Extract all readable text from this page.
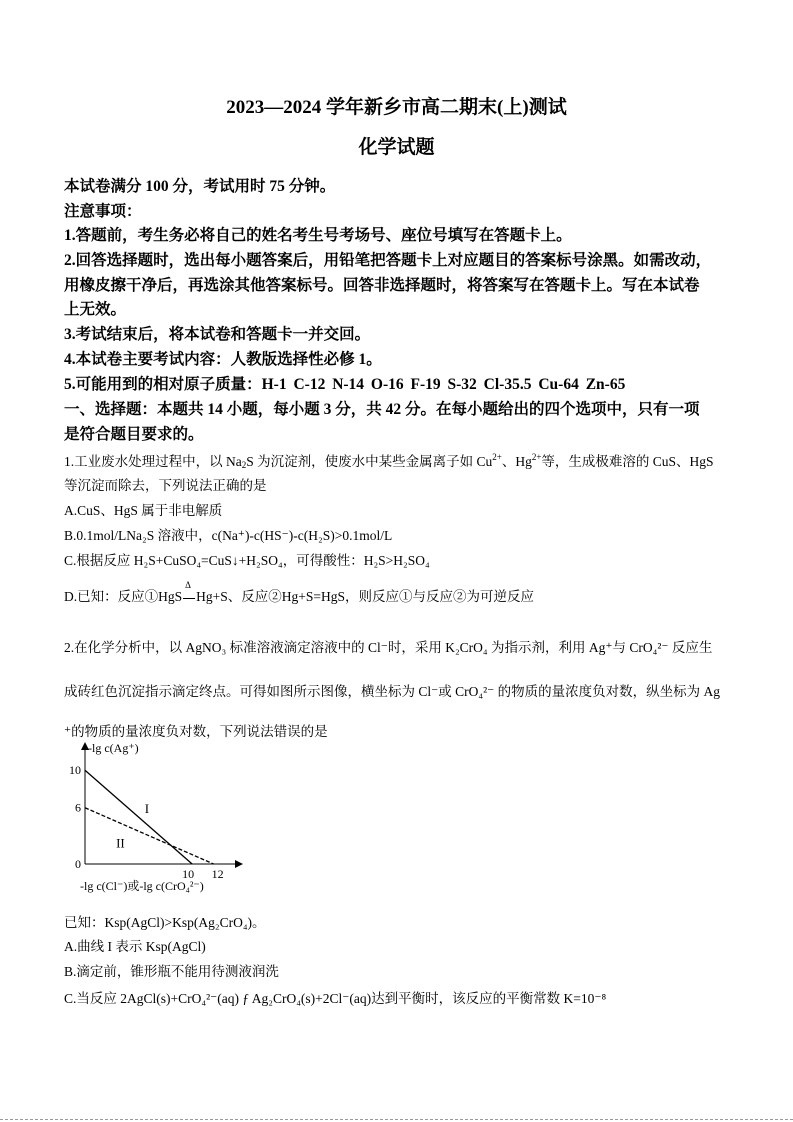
2023—2024 学年新乡市高二期末(上)测试
化学试题
本试卷满分 100 分，考试用时 75 分钟。
注意事项：
1.答题前，考生务必将自己的姓名考生号考场号、座位号填写在答题卡上。
2.回答选择题时，选出每小题答案后，用铅笔把答题卡上对应题目的答案标号涂黑。如需改动，
用橡皮擦干净后，再选涂其他答案标号。回答非选择题时，将答案写在答题卡上。写在本试卷
上无效。
3.考试结束后，将本试卷和答题卡一并交回。
4.本试卷主要考试内容：人教版选择性必修 1。
5.可能用到的相对原子质量：H-1 C-12 N-14 O-16 F-19 S-32 Cl-35.5 Cu-64 Zn-65
一、选择题：本题共 14 小题，每小题 3 分，共 42 分。在每小题给出的四个选项中，只有一项
是符合题目要求的。
1.工业废水处理过程中，以 $Na_2S$ 为沉淀剂，使废水中某些金属离子如 $Cu^{2+}$、$Hg^{2+}$等，生成极难溶的 CuS、HgS
等沉淀而除去，下列说法正确的是
A.CuS、HgS 属于非电解质
B.0.1mol/LNa₂S 溶液中，c(Na⁺)-c(HS⁻)-c(H₂S)>0.1mol/L
C.根据反应 H₂S+CuSO₄=CuS↓+H₂SO₄，可得酸性：H₂S>H₂SO₄
D.已知：反应①HgS
Δ
Hg+S、反应②Hg+S=HgS，则反应①与反应②为可逆反应
2.在化学分析中，以 AgNO₃ 标准溶液滴定溶液中的 Cl⁻时，采用 K₂CrO₄ 为指示剂，利用 Ag⁺与 CrO₄²⁻ 反应生
成砖红色沉淀指示滴定终点。可得如图所示图像，横坐标为 Cl⁻或 CrO₄²⁻ 的物质的量浓度负对数，纵坐标为 Ag
⁺的物质的量浓度负对数，下列说法错误的是
-lg c(Ag⁺)
-lg c(Cl⁻)或-lg c(CrO₄²⁻)
10
6
0
10 12
I
II
已知：Ksp(AgCl)>Ksp(Ag₂CrO₄)。
A.曲线 I 表示 Ksp(AgCl)
B.滴定前，锥形瓶不能用待测液润洗
C.当反应 2AgCl(s)+CrO₄²⁻(aq) ƒ Ag₂CrO₄(s)+2Cl⁻(aq)达到平衡时，该反应的平衡常数 K=10⁻⁸
